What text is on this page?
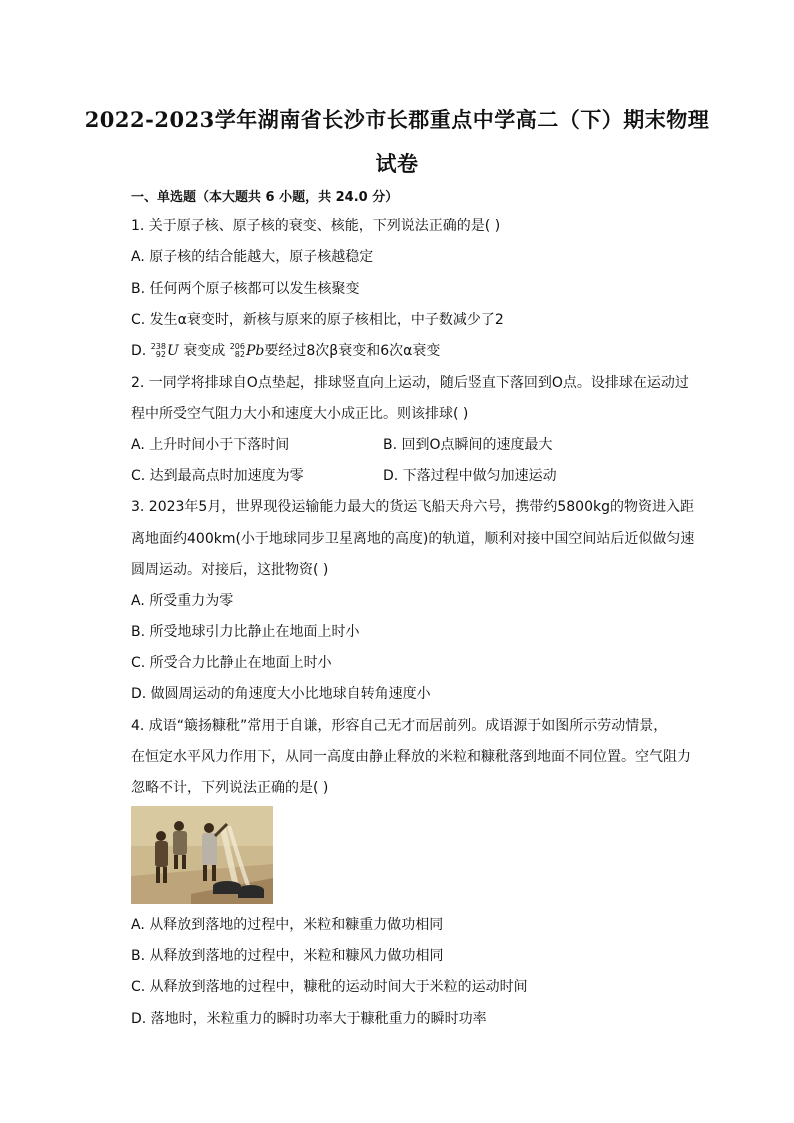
2022-2023学年湖南省长沙市长郡重点中学高二（下）期末物理
试卷
一、单选题（本大题共 6 小题，共 24.0 分）
1. 关于原子核、原子核的衰变、核能，下列说法正确的是( )
A. 原子核的结合能越大，原子核越稳定
B. 任何两个原子核都可以发生核聚变
C. 发生α衰变时，新核与原来的原子核相比，中子数减少了2
D. 238
92U 衰变成 206
82Pb要经过8次β衰变和6次α衰变
2. 一同学将排球自O点垫起，排球竖直向上运动，随后竖直下落回到O点。设排球在运动过
程中所受空气阻力大小和速度大小成正比。则该排球( )
A. 上升时间小于下落时间	B. 回到O点瞬间的速度最大
C. 达到最高点时加速度为零	D. 下落过程中做匀加速运动
3. 2023年5月，世界现役运输能力最大的货运飞船天舟六号，携带约5800kg的物资进入距
离地面约400km(小于地球同步卫星离地的高度)的轨道，顺利对接中国空间站后近似做匀速
圆周运动。对接后，这批物资( )
A. 所受重力为零
B. 所受地球引力比静止在地面上时小
C. 所受合力比静止在地面上时小
D. 做圆周运动的角速度大小比地球自转角速度小
4. 成语“簸扬糠秕”常用于自谦，形容自己无才而居前列。成语源于如图所示劳动情景，
在恒定水平风力作用下，从同一高度由静止释放的米粒和糠秕落到地面不同位置。空气阻力
忽略不计，下列说法正确的是( )
A. 从释放到落地的过程中，米粒和糠重力做功相同
B. 从释放到落地的过程中，米粒和糠风力做功相同
C. 从释放到落地的过程中，糠秕的运动时间大于米粒的运动时间
D. 落地时，米粒重力的瞬时功率大于糠秕重力的瞬时功率
